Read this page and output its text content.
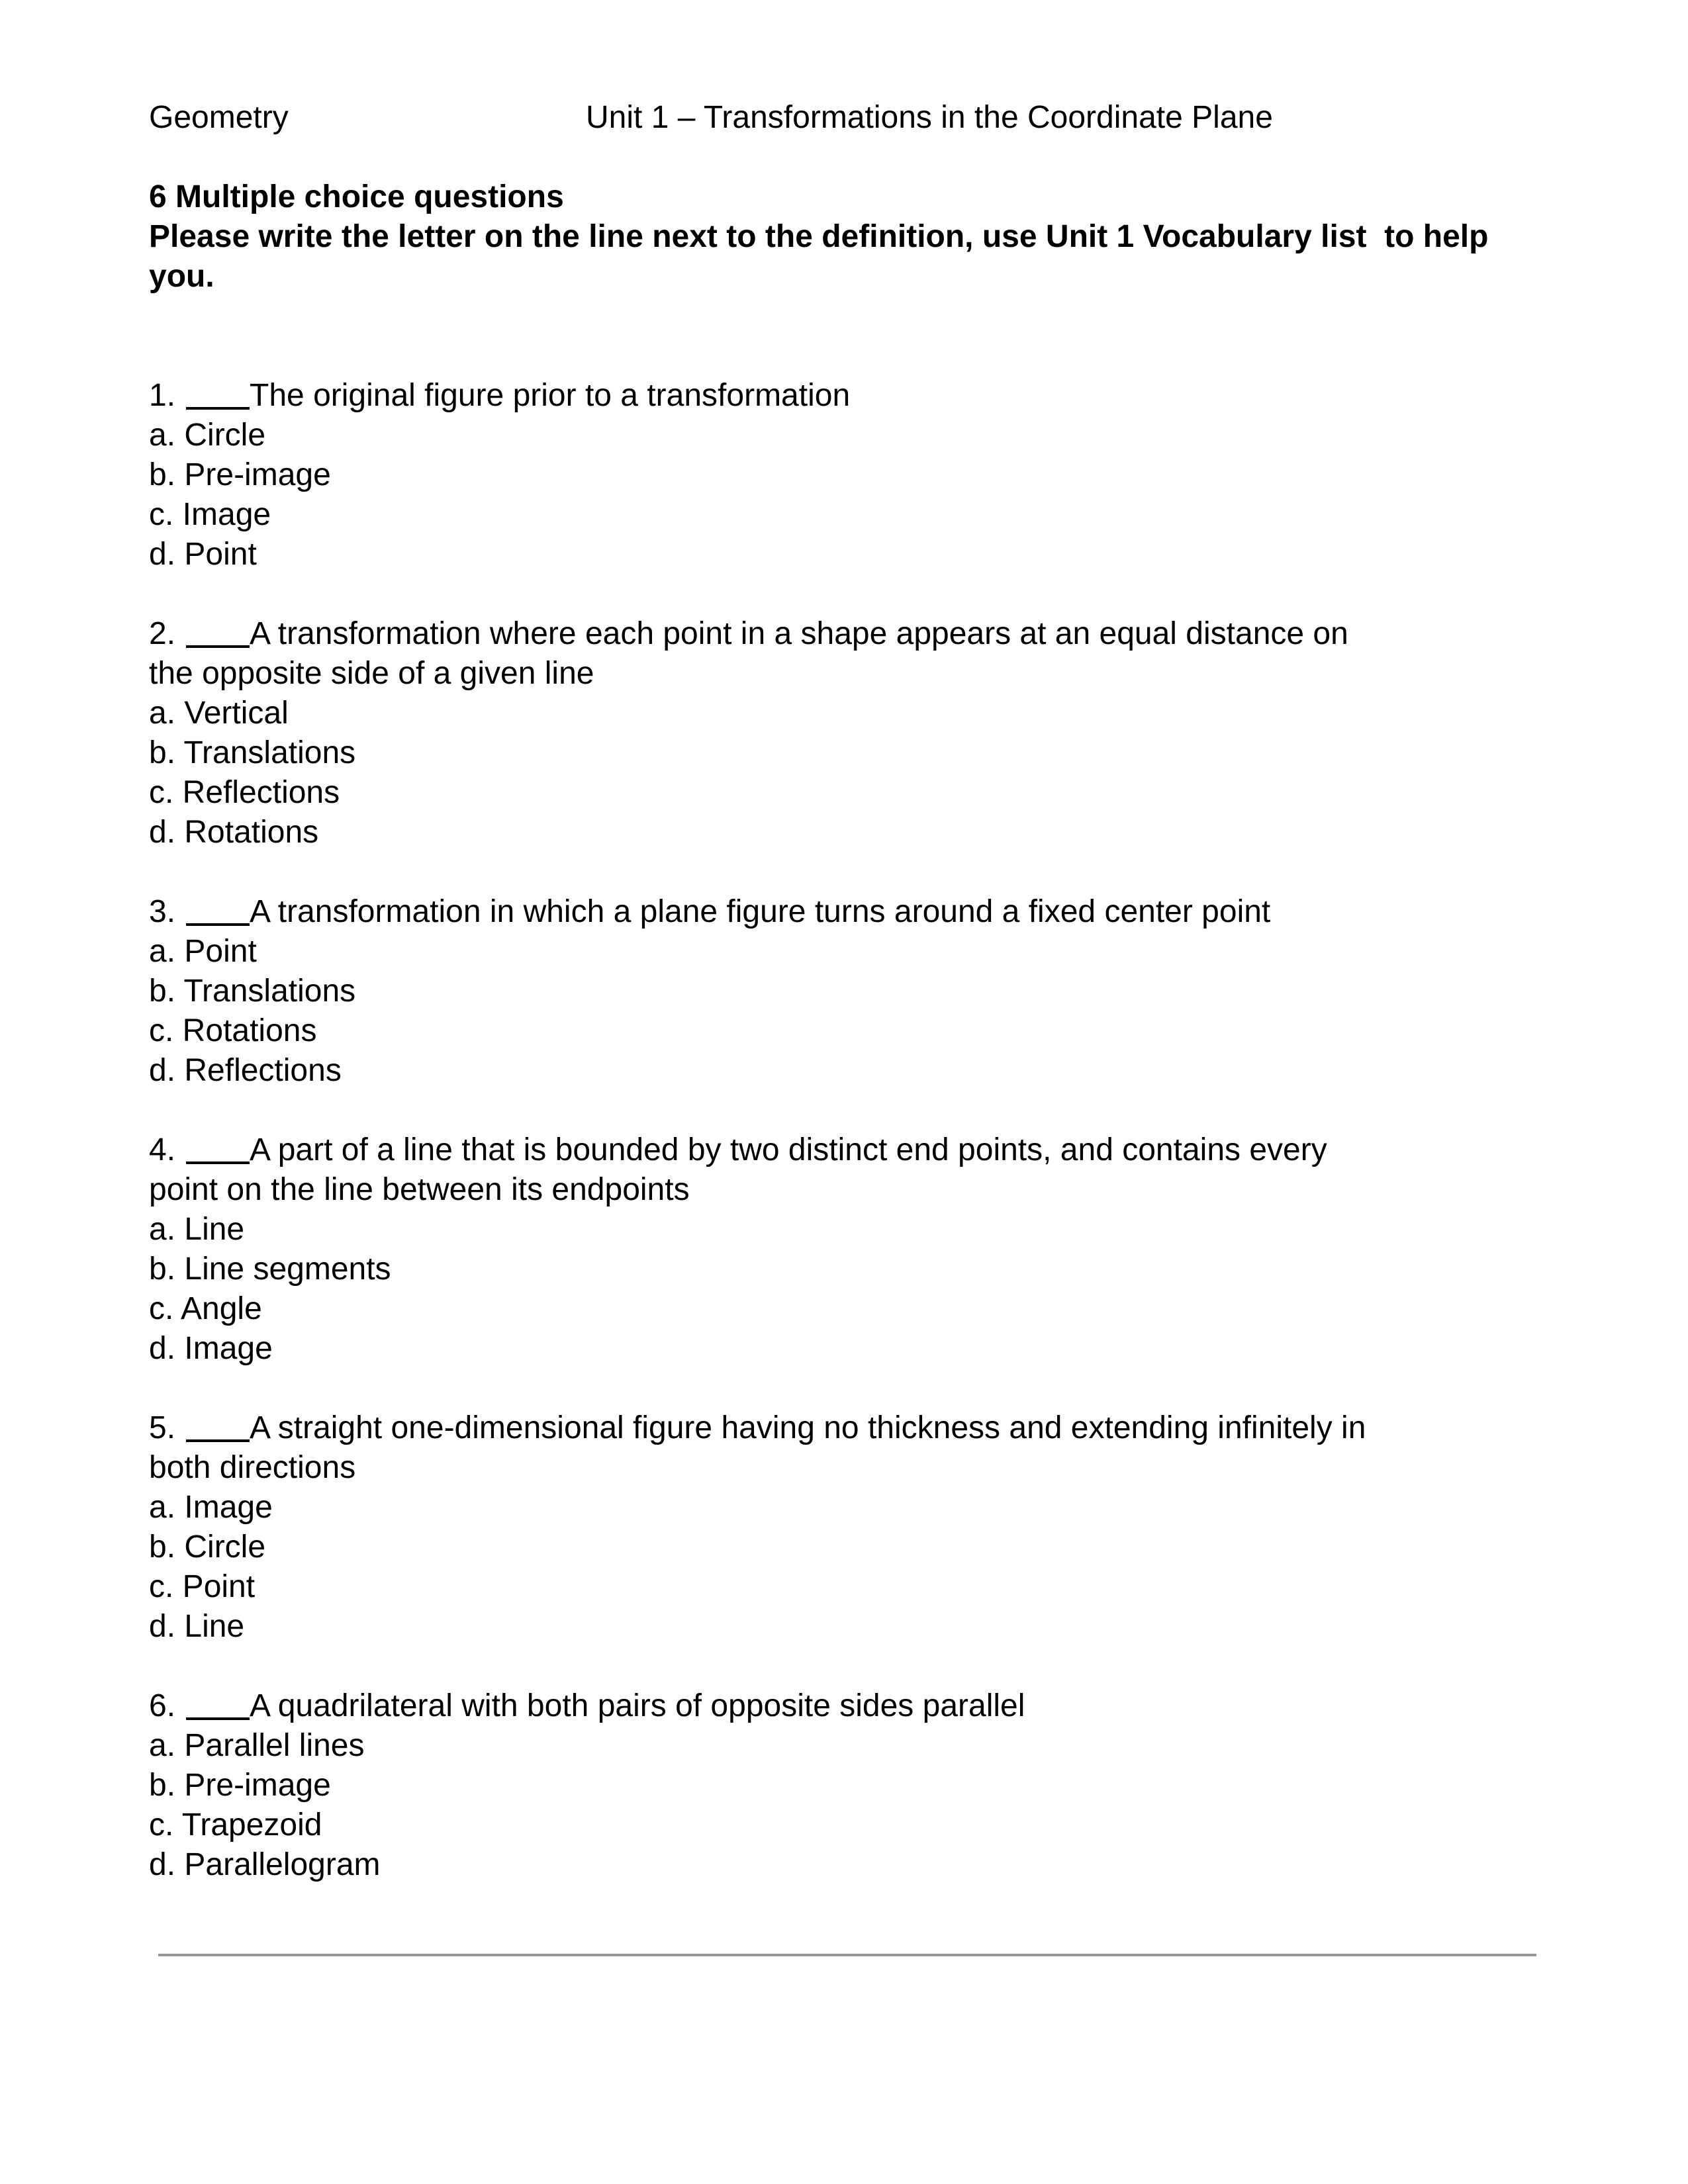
Geometry	Unit 1 – Transformations in the Coordinate Plane
6 Multiple choice questions
Please write the letter on the line next to the definition, use Unit 1 Vocabulary list  to help
you.
1. The original figure prior to a transformation
a. Circle
b. Pre-image
c. Image
d. Point
2. A transformation where each point in a shape appears at an equal distance on
the opposite side of a given line
a. Vertical
b. Translations
c. Reflections
d. Rotations
3. A transformation in which a plane figure turns around a fixed center point
a. Point
b. Translations
c. Rotations
d. Reflections
4. A part of a line that is bounded by two distinct end points, and contains every
point on the line between its endpoints
a. Line
b. Line segments
c. Angle
d. Image
5. A straight one-dimensional figure having no thickness and extending infinitely in
both directions
a. Image
b. Circle
c. Point
d. Line
6. A quadrilateral with both pairs of opposite sides parallel
a. Parallel lines
b. Pre-image
c. Trapezoid
d. Parallelogram
